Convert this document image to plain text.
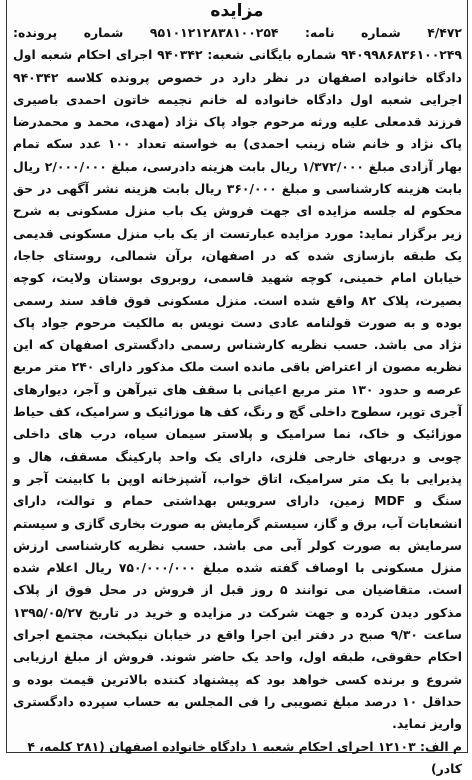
مزایده

۴/۴۷۲ شماره نامه: ۹۵۱۰۱۲۱۲۸۳۸۱۰۰۲۵۴ شماره پرونده: ۹۴۰۹۹۸۶۸۳۶۱۰۰۲۴۹ شماره بایگانی شعبه: ۹۴۰۳۴۲ اجرای احکام شعبه اول دادگاه خانواده اصفهان در نظر دارد در خصوص پرونده کلاسه ۹۴۰۳۴۲ اجرایی شعبه اول دادگاه خانواده له خانم نجیمه خاتون احمدی باصیری فرزند قدمعلی علیه ورثه مرحوم جواد پاک نژاد (مهدی، محمد و محمدرضا پاک نژاد و خانم شاه زینب احمدی) به خواسته تعداد ۱۰۰ عدد سکه تمام بهار آزادی مبلغ ۱/۳۷۲/۰۰۰ ریال بابت هزینه دادرسی، مبلغ ۲/۰۰۰/۰۰۰ ریال بابت هزینه کارشناسی و مبلغ ۳۶۰/۰۰۰ ریال بابت هزینه نشر آگهی در حق محکوم له جلسه مزایده ای جهت فروش یک باب منزل مسکونی به شرح زیر برگزار نماید: مورد مزایده عبارتست از یک باب منزل مسکونی قدیمی یک طبقه بازسازی شده که در اصفهان، برآن شمالی، روستای جاجا، خیابان امام خمینی، کوچه شهید قاسمی، روبروی بوستان ولایت، کوچه بصیرت، پلاک ۸۲ واقع شده است. منزل مسکونی فوق فاقد سند رسمی بوده و به صورت قولنامه عادی دست نویس به مالکیت مرحوم جواد پاک نژاد می باشد. حسب نظریه کارشناس رسمی دادگستری اصفهان که این نظریه مصون از اعتراض باقی مانده است ملک مذکور دارای ۲۴۰ متر مربع عرصه و حدود ۱۳۰ متر مربع اعیانی با سقف های تیرآهن و آجر، دیوارهای آجری توپر، سطوح داخلی گچ و رنگ، کف ها موزائیک و سرامیک، کف حیاط موزائیک و خاک، نما سرامیک و پلاستر سیمان سیاه، درب های داخلی چوبی و دربهای خارجی فلزی، دارای یک واحد پارکینگ مسقف، هال و پذیرایی با یک متر سرامیک، اتاق خواب، آشپزخانه اوپن با کابینت آجر و سنگ و MDF زمین، دارای سرویس بهداشتی حمام و توالت، دارای انشعابات آب، برق و گاز، سیستم گرمایش به صورت بخاری گازی و سیستم سرمایش به صورت کولر آبی می باشد. حسب نظریه کارشناسی ارزش منزل مسکونی با اوصاف گفته شده مبلغ ۷۵۰/۰۰۰/۰۰۰ ریال اعلام شده است. متقاضیان می توانند ۵ روز قبل از فروش در محل فوق از پلاک مذکور دیدن کرده و جهت شرکت در مزایده و خرید در تاریخ ۱۳۹۵/۰۵/۲۷ ساعت ۹/۳۰ صبح در دفتر این اجرا واقع در خیابان نیکبخت، مجتمع اجرای احکام حقوقی، طبقه اول، واحد یک حاضر شوند. فروش از مبلغ ارزیابی شروع و برنده کسی خواهد بود که پیشنهاد کننده بالاترین قیمت بوده و حداقل ۱۰ درصد مبلغ تصویبی را فی المجلس به حساب سپرده دادگستری واریز نماید.

م الف: ۱۲۱۰۳ اجرای احکام شعبه ۱ دادگاه خانواده اصفهان (۲۸۱ کلمه، ۴ کادر)
